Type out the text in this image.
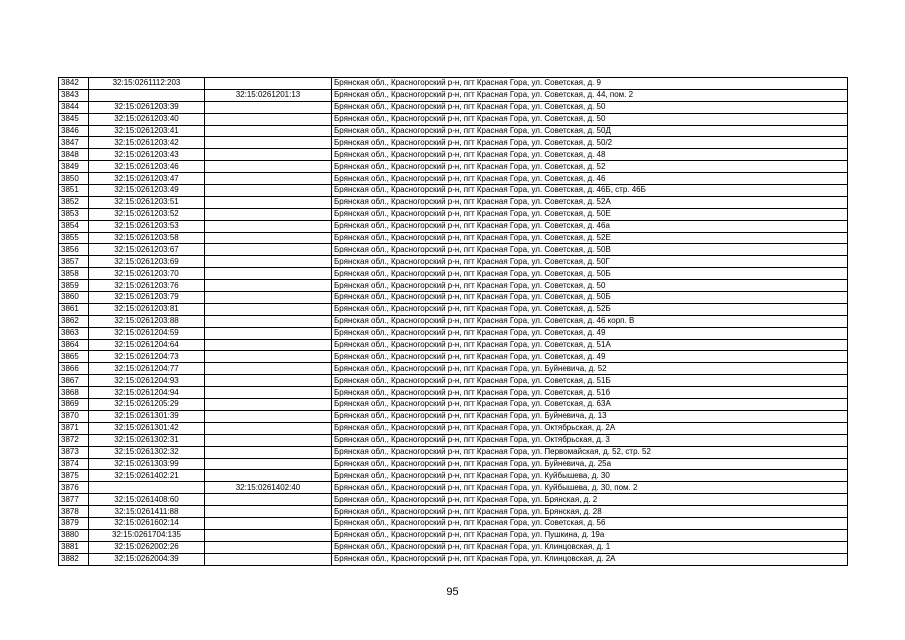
3842	32:15:0261112:203		Брянская обл., Красногорский р-н, пгт Красная Гора, ул. Советская, д. 9
3843		32:15:0261201:13	Брянская обл., Красногорский р-н, пгт Красная Гора, ул. Советская, д. 44, пом. 2
3844	32:15:0261203:39		Брянская обл., Красногорский р-н, пгт Красная Гора, ул. Советская, д. 50
3845	32:15:0261203:40		Брянская обл., Красногорский р-н, пгт Красная Гора, ул. Советская, д. 50
3846	32:15:0261203:41		Брянская обл., Красногорский р-н, пгт Красная Гора, ул. Советская, д. 50Д
3847	32:15:0261203:42		Брянская обл., Красногорский р-н, пгт Красная Гора, ул. Советская, д. 50/2
3848	32:15:0261203:43		Брянская обл., Красногорский р-н, пгт Красная Гора, ул. Советская, д. 48
3849	32:15:0261203:46		Брянская обл., Красногорский р-н, пгт Красная Гора, ул. Советская, д. 52
3850	32:15:0261203:47		Брянская обл., Красногорский р-н, пгт Красная Гора, ул. Советская, д. 46
3851	32:15:0261203:49		Брянская обл., Красногорский р-н, пгт Красная Гора, ул. Советская, д. 46Б, стр. 46Б
3852	32:15:0261203:51		Брянская обл., Красногорский р-н, пгт Красная Гора, ул. Советская, д. 52А
3853	32:15:0261203:52		Брянская обл., Красногорский р-н, пгт Красная Гора, ул. Советская, д. 50Е
3854	32:15:0261203:53		Брянская обл., Красногорский р-н, пгт Красная Гора, ул. Советская, д. 46а
3855	32:15:0261203:58		Брянская обл., Красногорский р-н, пгт Красная Гора, ул. Советская, д. 52Е
3856	32:15:0261203:67		Брянская обл., Красногорский р-н, пгт Красная Гора, ул. Советская, д. 50В
3857	32:15:0261203:69		Брянская обл., Красногорский р-н, пгт Красная Гора, ул. Советская, д. 50Г
3858	32:15:0261203:70		Брянская обл., Красногорский р-н, пгт Красная Гора, ул. Советская, д. 50Б
3859	32:15:0261203:76		Брянская обл., Красногорский р-н, пгт Красная Гора, ул. Советская, д. 50
3860	32:15:0261203:79		Брянская обл., Красногорский р-н, пгт Красная Гора, ул. Советская, д. 50Б
3861	32:15:0261203:81		Брянская обл., Красногорский р-н, пгт Красная Гора, ул. Советская, д. 52Б
3862	32:15:0261203:88		Брянская обл., Красногорский р-н, пгт Красная Гора, ул. Советская, д. 46 корп. В
3863	32:15:0261204:59		Брянская обл., Красногорский р-н, пгт Красная Гора, ул. Советская, д. 49
3864	32:15:0261204:64		Брянская обл., Красногорский р-н, пгт Красная Гора, ул. Советская, д. 51А
3865	32:15:0261204:73		Брянская обл., Красногорский р-н, пгт Красная Гора, ул. Советская, д. 49
3866	32:15:0261204:77		Брянская обл., Красногорский р-н, пгт Красная Гора, ул. Буйневича, д. 52
3867	32:15:0261204:93		Брянская обл., Красногорский р-н, пгт Красная Гора, ул. Советская, д. 51Б
3868	32:15:0261204:94		Брянская обл., Красногорский р-н, пгт Красная Гора, ул. Советская, д. 51б
3869	32:15:0261205:29		Брянская обл., Красногорский р-н, пгт Красная Гора, ул. Советская, д. 63А
3870	32:15:0261301:39		Брянская обл., Красногорский р-н, пгт Красная Гора, ул. Буйневича, д. 13
3871	32:15:0261301:42		Брянская обл., Красногорский р-н, пгт Красная Гора, ул. Октябрьская, д. 2А
3872	32:15:0261302:31		Брянская обл., Красногорский р-н, пгт Красная Гора, ул. Октябрьская, д. 3
3873	32:15:0261302:32		Брянская обл., Красногорский р-н, пгт Красная Гора, ул. Первомайская, д. 52, стр. 52
3874	32:15:0261303:99		Брянская обл., Красногорский р-н, пгт Красная Гора, ул. Буйневича, д. 25а
3875	32:15:0261402:21		Брянская обл., Красногорский р-н, пгт Красная Гора, ул. Куйбышева, д. 30
3876		32:15:0261402:40	Брянская обл., Красногорский р-н, пгт Красная Гора, ул. Куйбышева, д. 30, пом. 2
3877	32:15:0261408:60		Брянская обл., Красногорский р-н, пгт Красная Гора, ул. Брянская, д. 2
3878	32:15:0261411:88		Брянская обл., Красногорский р-н, пгт Красная Гора, ул. Брянская, д. 28
3879	32:15:0261602:14		Брянская обл., Красногорский р-н, пгт Красная Гора, ул. Советская, д. 56
3880	32:15:0261704:135		Брянская обл., Красногорский р-н, пгт Красная Гора, ул. Пушкина, д. 19а
3881	32:15:0262002:26		Брянская обл., Красногорский р-н, пгт Красная Гора, ул. Клинцовская, д. 1
3882	32:15:0262004:39		Брянская обл., Красногорский р-н, пгт Красная Гора, ул. Клинцовская, д. 2А
95
